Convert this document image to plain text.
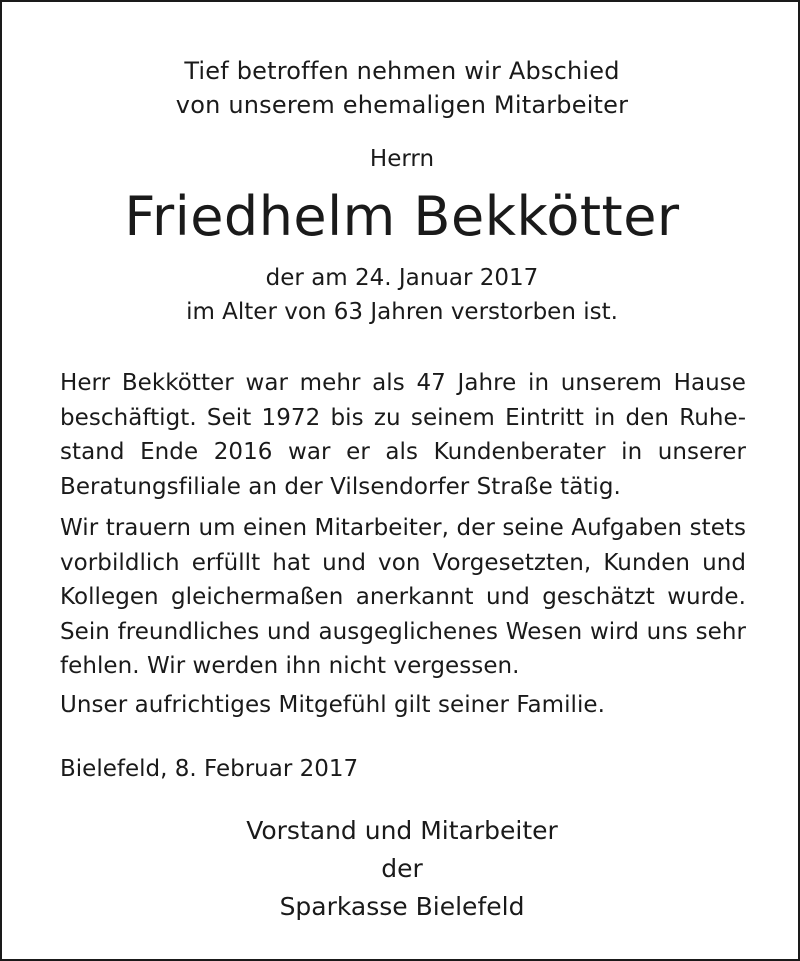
Tief betroffen nehmen wir Abschied
von unserem ehemaligen Mitarbeiter
Herrn
Friedhelm Bekkötter
der am 24. Januar 2017
im Alter von 63 Jahren verstorben ist.
Herr Bekkötter war mehr als 47 Jahre in unserem Hause beschäftigt. Seit 1972 bis zu seinem Eintritt in den Ruhestand Ende 2016 war er als Kundenberater in unserer Beratungsfiliale an der Vilsendorfer Straße tätig.
Wir trauern um einen Mitarbeiter, der seine Aufgaben stets vorbildlich erfüllt hat und von Vorgesetzten, Kunden und Kollegen gleichermaßen anerkannt und geschätzt wurde. Sein freundliches und ausgeglichenes Wesen wird uns sehr fehlen. Wir werden ihn nicht vergessen.
Unser aufrichtiges Mitgefühl gilt seiner Familie.
Bielefeld, 8. Februar 2017
Vorstand und Mitarbeiter
der
Sparkasse Bielefeld
